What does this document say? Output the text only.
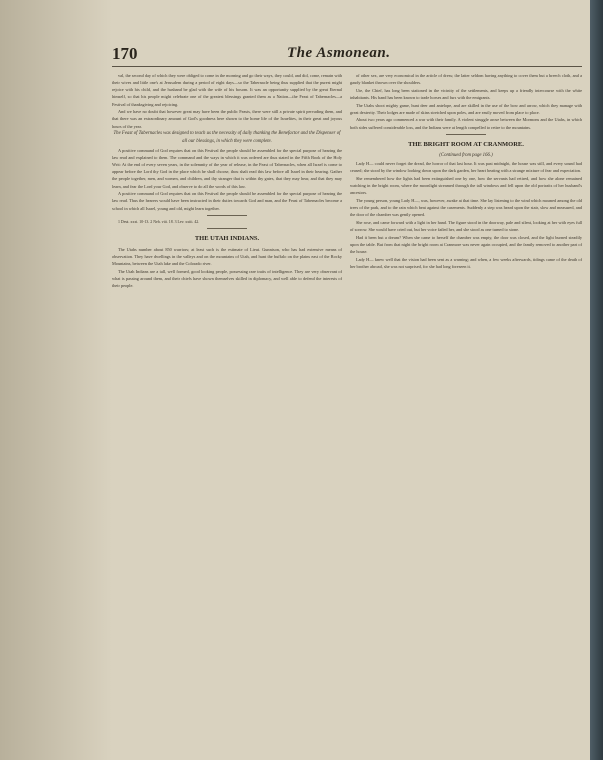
170	The Asmonean.

val, the second day of which they were obliged to come in the morning and go their ways, they could, and did, come, remain with their wives and little one's at Jerusalem during a period of eight days—so the Tabernacle being thus supplied that the purest might rejoice with his child, and the husband be glad with the wife of his bosom. It was an opportunity supplied by the great Eternal himself, so that his people might celebrate one of the greatest blessings granted them as a Nation—the Feast of Tabernacles—a Festival of thanksgiving and rejoicing.

And we have no doubt that however great may have been the public Feasts, there were still a private spirit pervading them, and that there was an extraordinary amount of God's goodness here shown to the home life of the Israelites, in their great and joyous hours of the year.

The Feast of Tabernacles was designed to teach us the necessity of daily thanking the Benefactor and the Dispenser of all our blessings, in which they were complete.

A positive command of God requires that on this Festival the people should be assembled for the special purpose of hearing the law read and explained to them. The command and the ways in which it was ordered are thus stated in the Fifth Book of the Holy Writ: At the end of every seven years, in the solemnity of the year of release, in the Feast of Tabernacles, when all Israel is come to appear before the Lord thy God in the place which he shall choose, thou shalt read this law before all Israel in their hearing. Gather the people together, men, and women, and children, and thy stranger that is within thy gates, that they may hear, and that they may learn, and fear the Lord your God, and observe to do all the words of this law.

A positive command of God requires that on this Festival the people should be assembled for the special purpose of hearing the law read. Thus the hearers would have been instructed in their duties towards God and man, and the Feast of Tabernacles become a school in which all Israel, young and old, might learn together.

1 Deut. xxxi. 10-13. 2 Neh. viii. 18. 3 Lev. xxiii. 42.

THE UTAH INDIANS.

The Utahs number about 850 warriors; at least such is the estimate of Lieut. Gunnison, who has had extensive means of observation. They have dwellings in the valleys and on the mountains of Utah, and hunt the buffalo on the plains east of the Rocky Mountains, between the Utah lake and the Colorado river.

The Utah Indians are a tall, well formed, good looking people, possessing rare traits of intelligence. They are very observant of what is passing around them, and their chiefs have shown themselves skilled in diplomacy, and well able to defend the interests of their people.

of other sex, are very economical in the article of dress; the latter seldom having anything to cover them but a breech cloth, and a gaudy blanket thrown over the shoulders.

Ute, the Chief, has long been stationed in the vicinity of the settlements, and keeps up a friendly intercourse with the white inhabitants. His band has been known to trade horses and furs with the emigrants.

The Utahs shoot mighty game, hunt deer and antelope, and are skilled in the use of the bow and arrow, which they manage with great dexterity. Their lodges are made of skins stretched upon poles, and are easily moved from place to place.

About two years ago commenced a war with their family. A violent struggle arose between the Mormons and the Utahs, in which both sides suffered considerable loss, and the Indians were at length compelled to retire to the mountains.

THE BRIGHT ROOM AT CRANMORE.

(Continued from page 166.)

Lady H— could never forget the dread, the horror of that last hour. It was past midnight, the house was still, and every sound had ceased; she stood by the window looking down upon the dark garden, her heart beating with a strange mixture of fear and expectation.

She remembered how the lights had been extinguished one by one, how the servants had retired, and how she alone remained watching in the bright room, where the moonlight streamed through the tall windows and fell upon the old portraits of her husband's ancestors.

The young person, young Lady H—, was, however, awake at that time. She lay listening to the wind which moaned among the old trees of the park, and to the rain which beat against the casements. Suddenly a step was heard upon the stair, slow and measured, and the door of the chamber was gently opened.

She rose, and came forward with a light in her hand. The figure stood in the doorway, pale and silent, looking at her with eyes full of sorrow. She would have cried out, but her voice failed her, and she stood as one turned to stone.

Had it been but a dream? When she came to herself the chamber was empty, the door was closed, and the light burned steadily upon the table. But from that night the bright room at Cranmore was never again occupied, and the family removed to another part of the house.

Lady H— knew well that the vision had been sent as a warning; and when, a few weeks afterwards, tidings came of the death of her brother abroad, she was not surprised, for she had long foreseen it.
